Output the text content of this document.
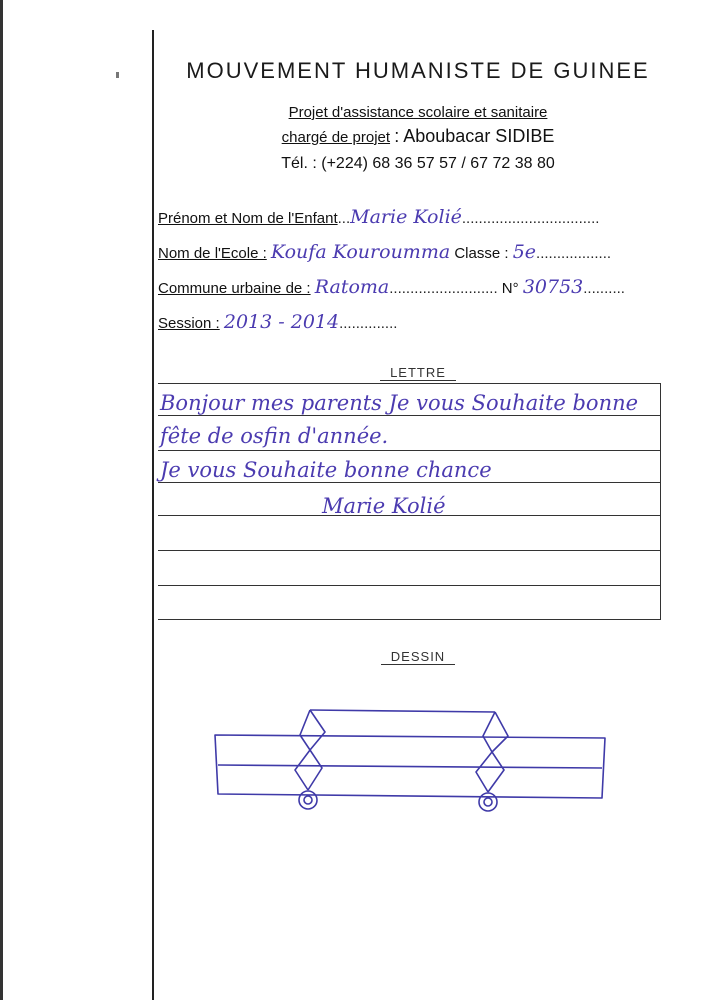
MOUVEMENT HUMANISTE DE GUINEE
Projet d'assistance scolaire et sanitaire
chargé de projet : Aboubacar SIDIBE
Tél. : (+224) 68 36 57 57 / 67 72 38 80
Prénom et Nom de l'Enfant...Marie Kolié.................................
Nom de l'Ecole : Koufa Kouroumma Classe : 5e..................
Commune urbaine de : Ratoma.......................... N° 30753..........
Session : 2013 - 2014..............
LETTRE
Bonjour mes parents Je vous Souhaite bonne
fête de osfin d'année.
Je vous Souhaite bonne chance
Marie Kolié
DESSIN
